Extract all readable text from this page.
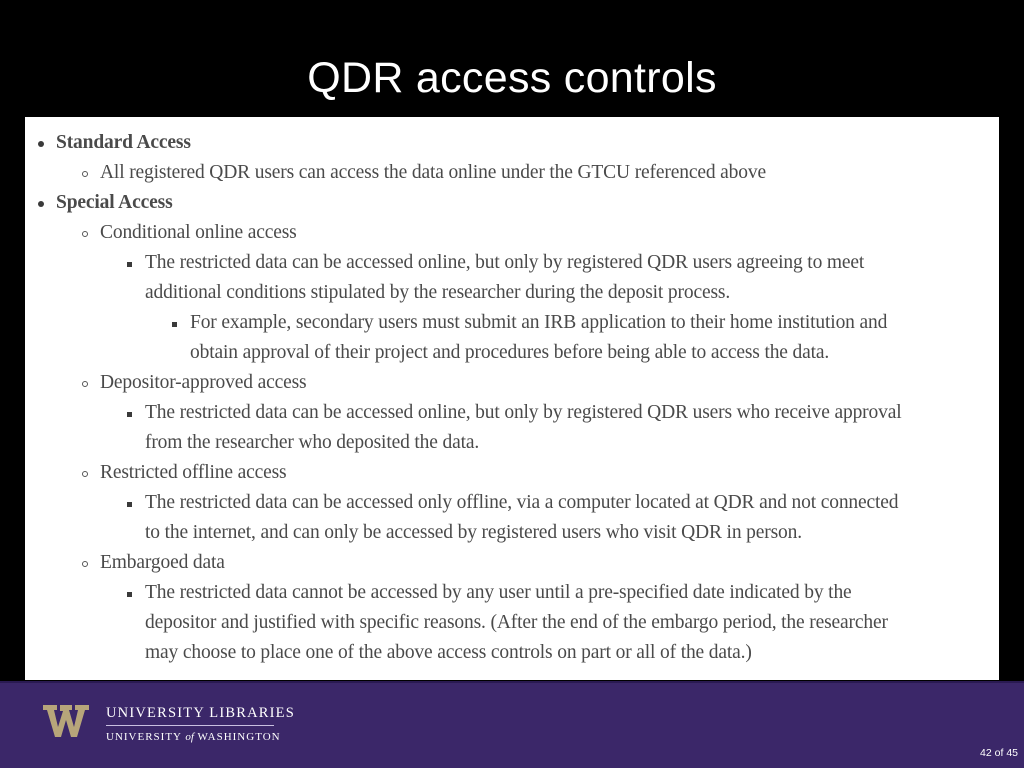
QDR access controls
Standard Access
All registered QDR users can access the data online under the GTCU referenced above
Special Access
Conditional online access
The restricted data can be accessed online, but only by registered QDR users agreeing to meet
additional conditions stipulated by the researcher during the deposit process.
For example, secondary users must submit an IRB application to their home institution and
obtain approval of their project and procedures before being able to access the data.
Depositor-approved access
The restricted data can be accessed online, but only by registered QDR users who receive approval
from the researcher who deposited the data.
Restricted offline access
The restricted data can be accessed only offline, via a computer located at QDR and not connected
to the internet, and can only be accessed by registered users who visit QDR in person.
Embargoed data
The restricted data cannot be accessed by any user until a pre-specified date indicated by the
depositor and justified with specific reasons. (After the end of the embargo period, the researcher
may choose to place one of the above access controls on part or all of the data.)
UNIVERSITY LIBRARIES
UNIVERSITY of WASHINGTON
42 of 45
